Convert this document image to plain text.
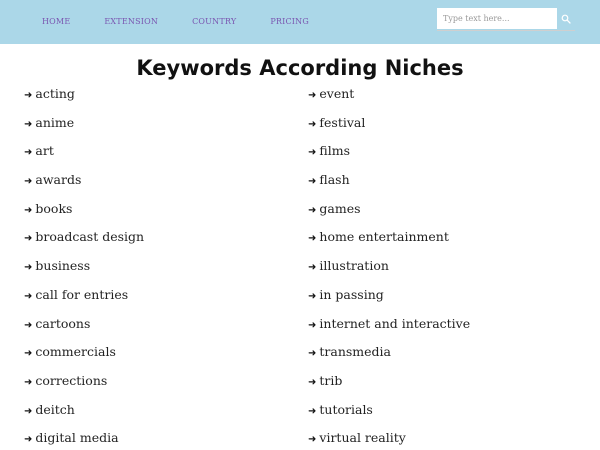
HOME	EXTENSION	COUNTRY	PRICING
Type text here...
Keywords According Niches
➜ acting
➜ anime
➜ art
➜ awards
➜ books
➜ broadcast design
➜ business
➜ call for entries
➜ cartoons
➜ commercials
➜ corrections
➜ deitch
➜ digital media
➜ event
➜ festival
➜ films
➜ flash
➜ games
➜ home entertainment
➜ illustration
➜ in passing
➜ internet and interactive
➜ transmedia
➜ trib
➜ tutorials
➜ virtual reality
